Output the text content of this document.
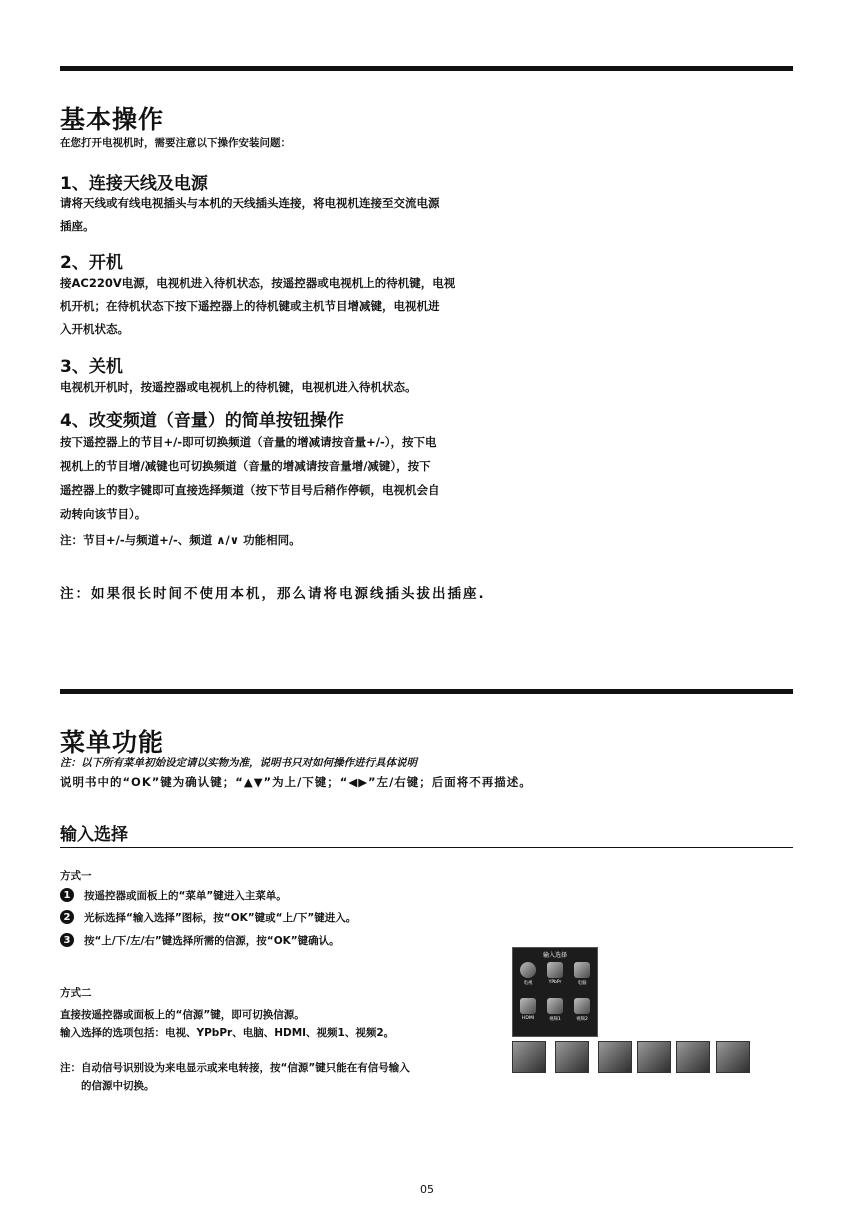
基本操作
在您打开电视机时，需要注意以下操作安装问题：
1、连接天线及电源
请将天线或有线电视插头与本机的天线插头连接，将电视机连接至交流电源
插座。
2、开机
接AC220V电源，电视机进入待机状态，按遥控器或电视机上的待机键，电视
机开机；在待机状态下按下遥控器上的待机键或主机节目增减键，电视机进
入开机状态。
3、关机
电视机开机时，按遥控器或电视机上的待机键，电视机进入待机状态。
4、改变频道（音量）的简单按钮操作
按下遥控器上的节目+/-即可切换频道（音量的增减请按音量+/-），按下电
视机上的节目增/减键也可切换频道（音量的增减请按音量增/减键），按下
遥控器上的数字键即可直接选择频道（按下节目号后稍作停顿，电视机会自
动转向该节目）。
注：节目+/-与频道+/-、频道 ∧/∨ 功能相同。
注：如果很长时间不使用本机，那么请将电源线插头拔出插座.
菜单功能
注：以下所有菜单初始设定请以实物为准，说明书只对如何操作进行具体说明
说明书中的“OK”键为确认键；“▲▼”为上/下键；“◀▶”左/右键；后面将不再描述。
输入选择
方式一
1	按遥控器或面板上的“菜单”键进入主菜单。
2	光标选择“输入选择”图标，按“OK”键或“上/下”键进入。
3	按“上/下/左/右”键选择所需的信源，按“OK”键确认。
方式二
直接按遥控器或面板上的“信源”键，即可切换信源。
输入选择的选项包括：电视、YPbPr、电脑、HDMI、视频1、视频2。
注：自动信号识别设为来电显示或来电转接，按“信源”键只能在有信号输入
的信源中切换。
输入选择
电视	YPbPr	电脑
HDMI	视频1	视频2
05
